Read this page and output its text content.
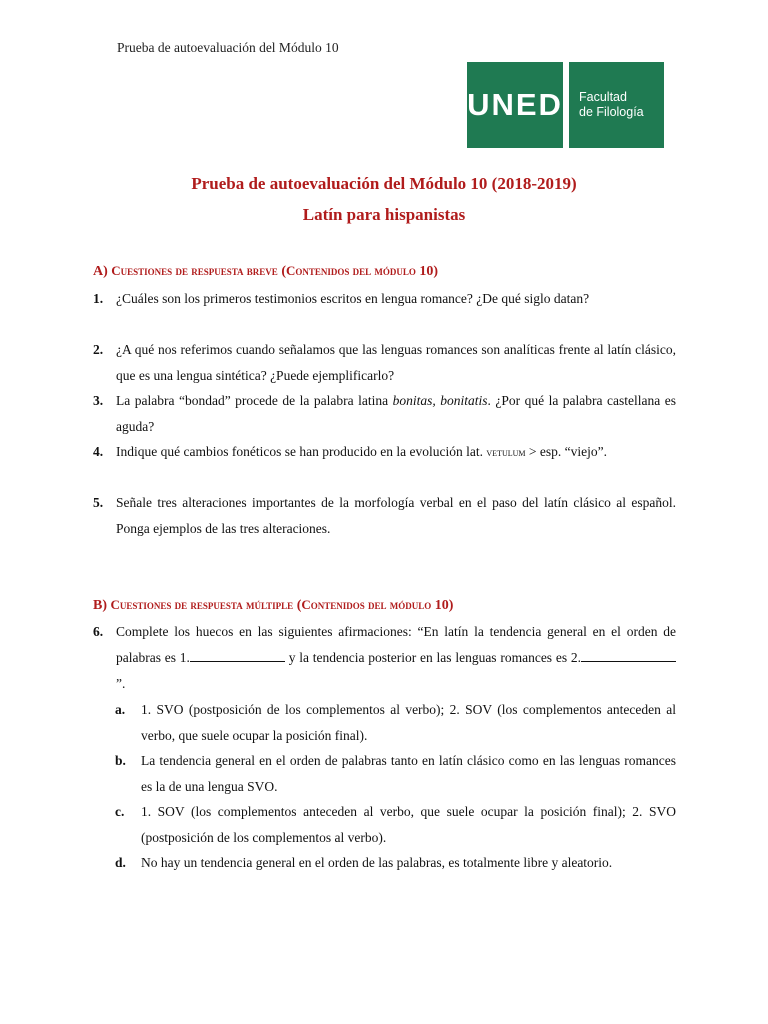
Prueba de autoevaluación del Módulo 10
UNED Facultad
de Filología
Prueba de autoevaluación del Módulo 10 (2018-2019)
Latín para hispanistas
A) Cuestiones de respuesta breve (Contenidos del módulo 10)
1. ¿Cuáles son los primeros testimonios escritos en lengua romance? ¿De qué siglo datan?
2. ¿A qué nos referimos cuando señalamos que las lenguas romances son analíticas frente al latín clásico, que es una lengua sintética? ¿Puede ejemplificarlo?
3. La palabra “bondad” procede de la palabra latina bonitas, bonitatis. ¿Por qué la palabra castellana es aguda?
4. Indique qué cambios fonéticos se han producido en la evolución lat. vetulum > esp. “viejo”.
5. Señale tres alteraciones importantes de la morfología verbal en el paso del latín clásico al español. Ponga ejemplos de las tres alteraciones.
B) Cuestiones de respuesta múltiple (Contenidos del módulo 10)
6. Complete los huecos en las siguientes afirmaciones: “En latín la tendencia general en el orden de palabras es 1.	y la tendencia posterior en las lenguas romances es 2.”.
a.	1. SVO (postposición de los complementos al verbo); 2. SOV (los complementos anteceden al verbo, que suele ocupar la posición final).
b.	La tendencia general en el orden de palabras tanto en latín clásico como en las lenguas romances es la de una lengua SVO.
c.	1. SOV (los complementos anteceden al verbo, que suele ocupar la posición final); 2. SVO (postposición de los complementos al verbo).
d.	No hay un tendencia general en el orden de las palabras, es totalmente libre y aleatorio.
